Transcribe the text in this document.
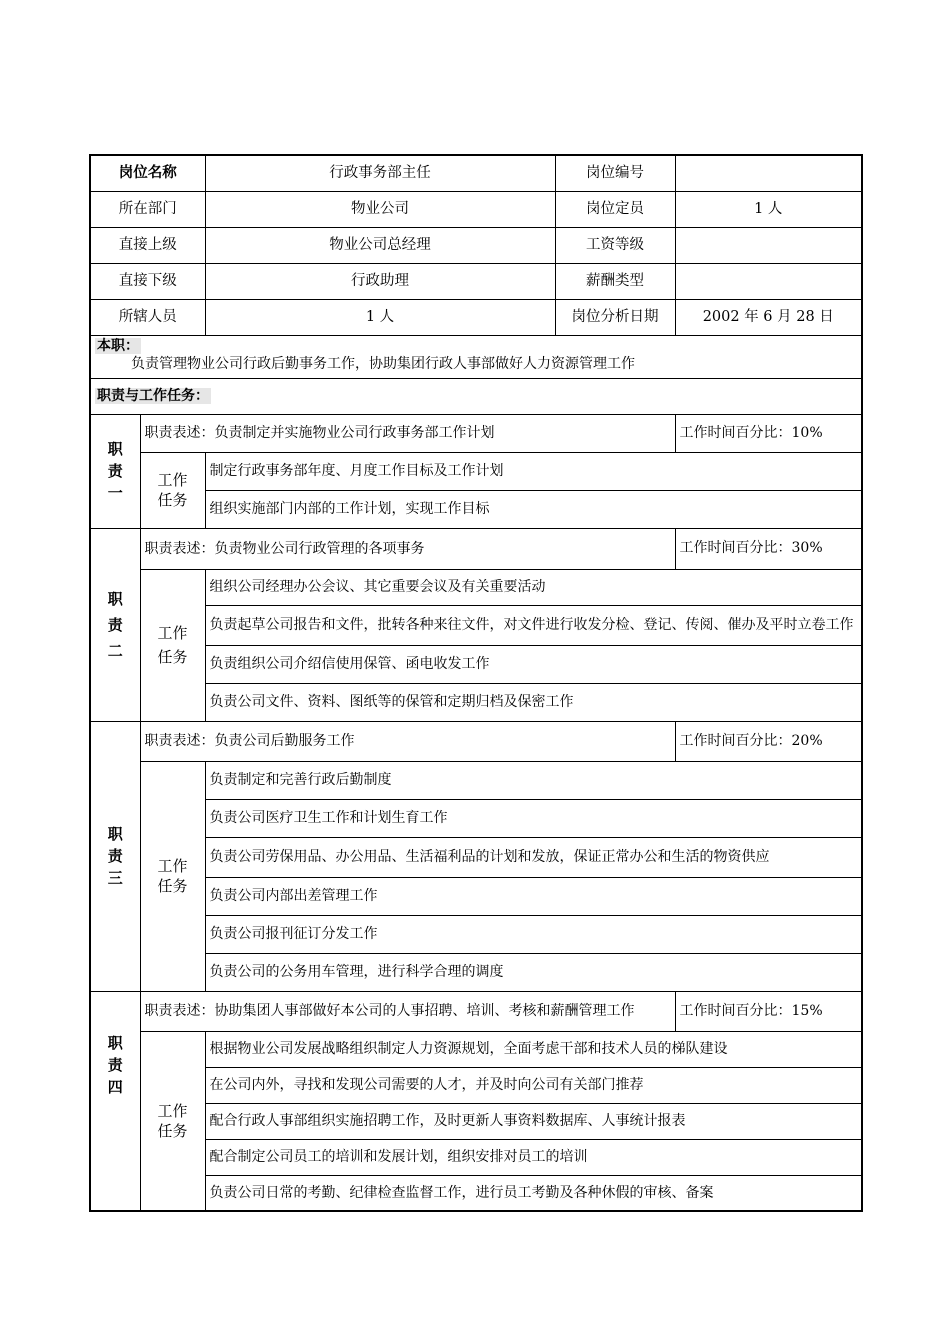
岗位名称		行政事务部主任	岗位编号	
所在部门		物业公司	岗位定员	1 人
直接上级		物业公司总经理	工资等级	
直接下级		行政助理	薪酬类型	
所辖人员		1 人	岗位分析日期	2002 年 6 月 28 日

本职：
负责管理物业公司行政后勤事务工作，协助集团行政人事部做好人力资源管理工作				

职责与工作任务：				

职责一	职责表述：负责制定并实施物业公司行政事务部工作计划			工作时间百分比：10%

	工作任务	制定行政事务部年度、月度工作目标及工作计划		
		组织实施部门内部的工作计划，实现工作目标		

职责二	职责表述：负责物业公司行政管理的各项事务			工作时间百分比：30%

	工作任务	组织公司经理办公会议、其它重要会议及有关重要活动		
		负责起草公司报告和文件，批转各种来往文件，对文件进行收发分检、登记、传阅、催办及平时立卷工作		
		负责组织公司介绍信使用保管、函电收发工作		
		负责公司文件、资料、图纸等的保管和定期归档及保密工作		

职责三	职责表述：负责公司后勤服务工作			工作时间百分比：20%

	工作任务	负责制定和完善行政后勤制度		
		负责公司医疗卫生工作和计划生育工作		
		负责公司劳保用品、办公用品、生活福利品的计划和发放，保证正常办公和生活的物资供应		
		负责公司内部出差管理工作		
		负责公司报刊征订分发工作		
		负责公司的公务用车管理，进行科学合理的调度		

职责四	职责表述：协助集团人事部做好本公司的人事招聘、培训、考核和薪酬管理工作			工作时间百分比：15%

	工作任务	根据物业公司发展战略组织制定人力资源规划，全面考虑干部和技术人员的梯队建设		
		在公司内外，寻找和发现公司需要的人才，并及时向公司有关部门推荐		
		配合行政人事部组织实施招聘工作，及时更新人事资料数据库、人事统计报表		
		配合制定公司员工的培训和发展计划，组织安排对员工的培训		
		负责公司日常的考勤、纪律检查监督工作，进行员工考勤及各种休假的审核、备案		
